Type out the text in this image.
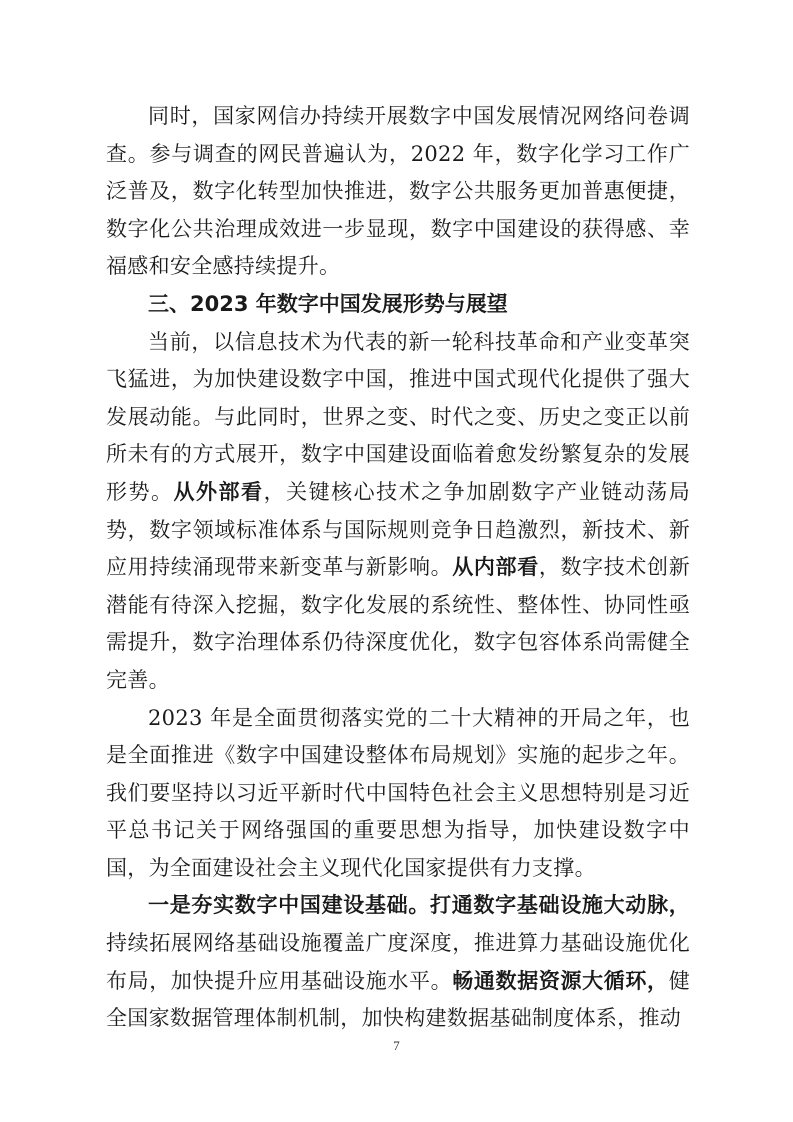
同时，国家网信办持续开展数字中国发展情况网络问卷调查。参与调查的网民普遍认为，2022 年，数字化学习工作广泛普及，数字化转型加快推进，数字公共服务更加普惠便捷，数字化公共治理成效进一步显现，数字中国建设的获得感、幸福感和安全感持续提升。

三、2023 年数字中国发展形势与展望

当前，以信息技术为代表的新一轮科技革命和产业变革突飞猛进，为加快建设数字中国，推进中国式现代化提供了强大发展动能。与此同时，世界之变、时代之变、历史之变正以前所未有的方式展开，数字中国建设面临着愈发纷繁复杂的发展形势。从外部看，关键核心技术之争加剧数字产业链动荡局势，数字领域标准体系与国际规则竞争日趋激烈，新技术、新应用持续涌现带来新变革与新影响。从内部看，数字技术创新潜能有待深入挖掘，数字化发展的系统性、整体性、协同性亟需提升，数字治理体系仍待深度优化，数字包容体系尚需健全完善。

2023 年是全面贯彻落实党的二十大精神的开局之年，也是全面推进《数字中国建设整体布局规划》实施的起步之年。我们要坚持以习近平新时代中国特色社会主义思想特别是习近平总书记关于网络强国的重要思想为指导，加快建设数字中国，为全面建设社会主义现代化国家提供有力支撑。

一是夯实数字中国建设基础。打通数字基础设施大动脉，持续拓展网络基础设施覆盖广度深度，推进算力基础设施优化布局，加快提升应用基础设施水平。畅通数据资源大循环，健全国家数据管理体制机制，加快构建数据基础制度体系，推动

7
